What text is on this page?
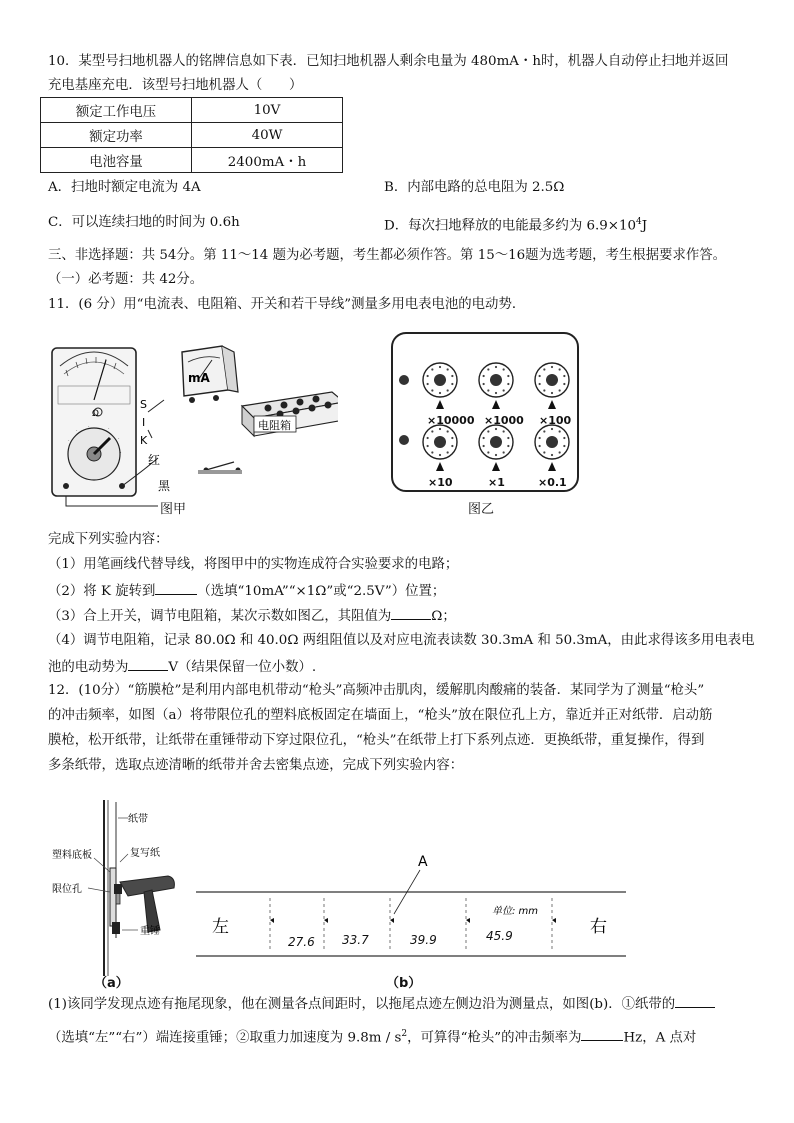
10．某型号扫地机器人的铭牌信息如下表．已知扫地机器人剩余电量为 480mA・h时，机器人自动停止扫地并返回
充电基座充电．该型号扫地机器人（　　）
额定工作电压	10V
额定功率	40W
电池容量	2400mA・h
A．扫地时额定电流为 4A	B．内部电路的总电阻为 2.5Ω
C．可以连续扫地的时间为 0.6h	D．每次扫地释放的电能最多约为 $6.9\times 10^4J$
三、非选择题：共 54分。第 11～14 题为必考题，考生都必须作答。第 15～16题为选考题，考生根据要求作答。
（一）必考题：共 42分。
11．(6 分）用“电流表、电阻箱、开关和若干导线”测量多用电表电池的电动势．
Ω
·
·
·	·
·
·
S
I
K
红
黑
mA
电阻箱
图甲
×10000 ×1000 ×100
×10	×1	×0.1
图乙
完成下列实验内容：
（1）用笔画线代替导线，将图甲中的实物连成符合实验要求的电路；
（2）将 K 旋转到	（选填“10mA”“×1Ω”或“2.5V”）位置；
（3）合上开关，调节电阻箱，某次示数如图乙，其阻值为	Ω；
（4）调节电阻箱，记录 80.0Ω 和 40.0Ω 两组阻值以及对应电流表读数 30.3mA 和 50.3mA，由此求得该多用电表电
池的电动势为	V（结果保留一位小数）.
12．(10分）“筋膜枪”是利用内部电机带动“枪头”高频冲击肌肉，缓解肌肉酸痛的装备．某同学为了测量“枪头”
的冲击频率，如图（a）将带限位孔的塑料底板固定在墙面上，“枪头”放在限位孔上方，靠近并正对纸带．启动筋
膜枪，松开纸带，让纸带在重锤带动下穿过限位孔，“枪头”在纸带上打下系列点迹．更换纸带，重复操作，得到
多条纸带，选取点迹清晰的纸带并舍去密集点迹，完成下列实验内容：
纸带
塑料底板	复写纸
限位孔
重锤
（a）
左	右
A
单位: mm
27.6 33.7	39.9	45.9
（b）
(1)该同学发现点迹有拖尾现象，他在测量各点间距时，以拖尾点迹左侧边沿为测量点，如图(b)．①纸带的
（选填“左”“右”）端连接重锤；②取重力加速度为 $9.8m / s^2$，可算得“枪头”的冲击频率为	Hz，A 点对
